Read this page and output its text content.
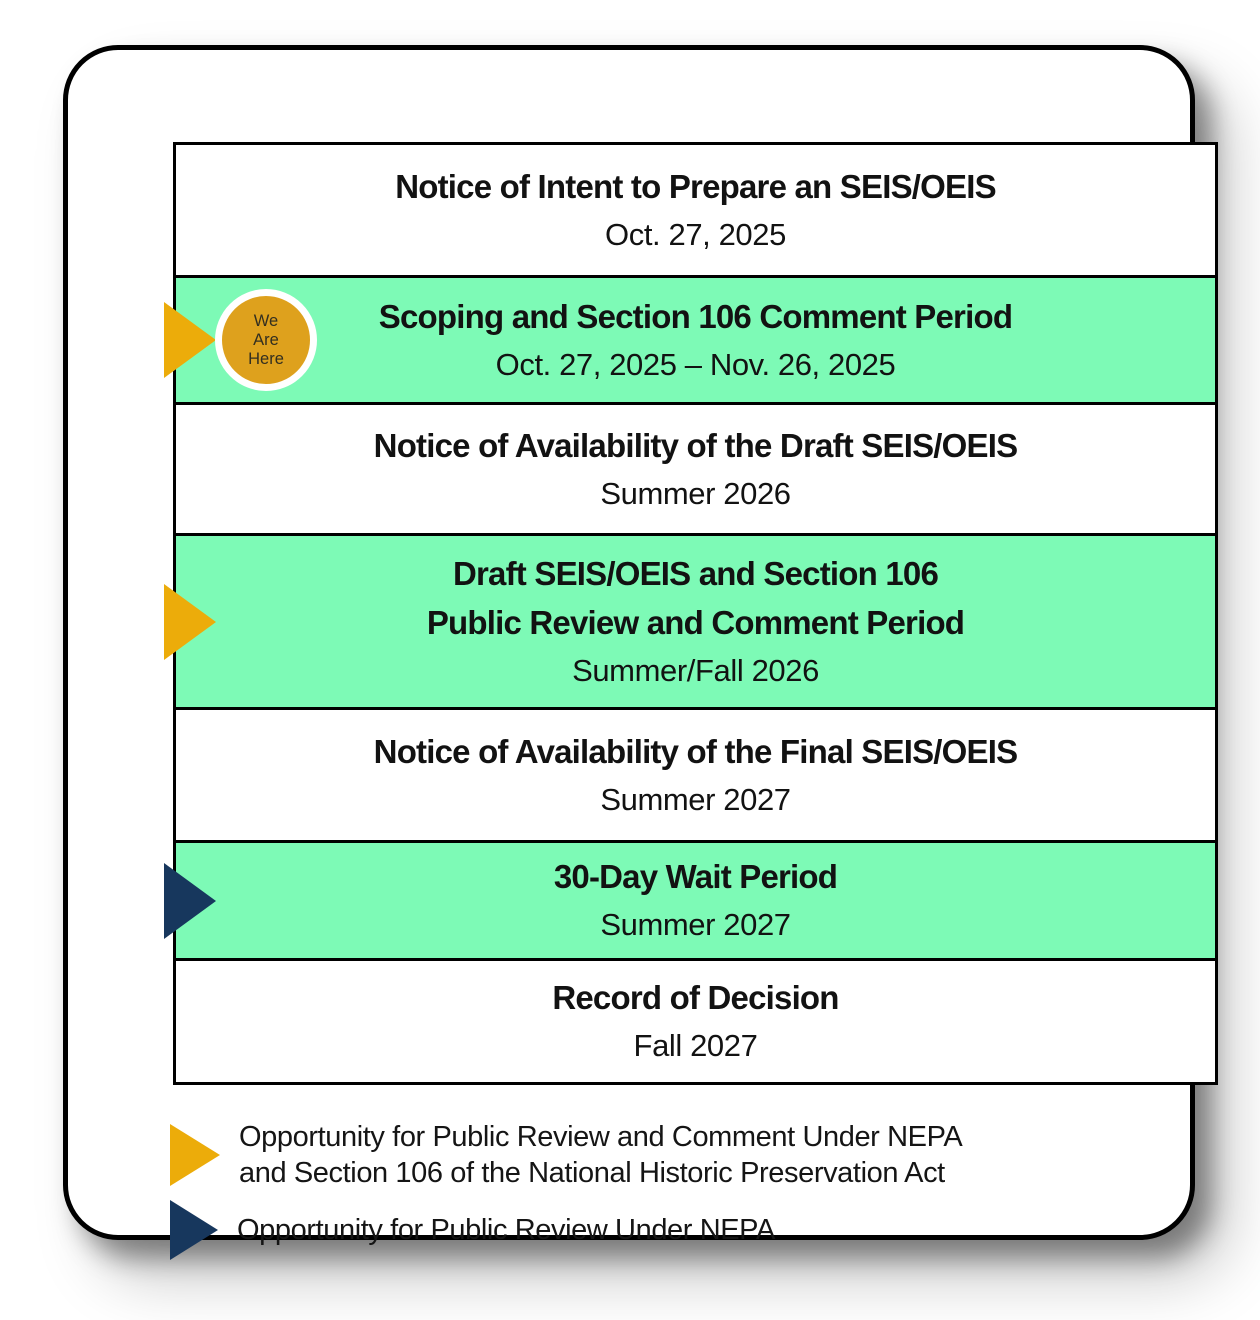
Notice of Intent to Prepare an SEIS/OEIS
Oct. 27, 2025
We
Are
Here
Scoping and Section 106 Comment Period
Oct. 27, 2025 – Nov. 26, 2025
Notice of Availability of the Draft SEIS/OEIS
Summer 2026
Draft SEIS/OEIS and Section 106
Public Review and Comment Period
Summer/Fall 2026
Notice of Availability of the Final SEIS/OEIS
Summer 2027
30-Day Wait Period
Summer 2027
Record of Decision
Fall 2027
Opportunity for Public Review and Comment Under NEPA
and Section 106 of the National Historic Preservation Act
Opportunity for Public Review Under NEPA
